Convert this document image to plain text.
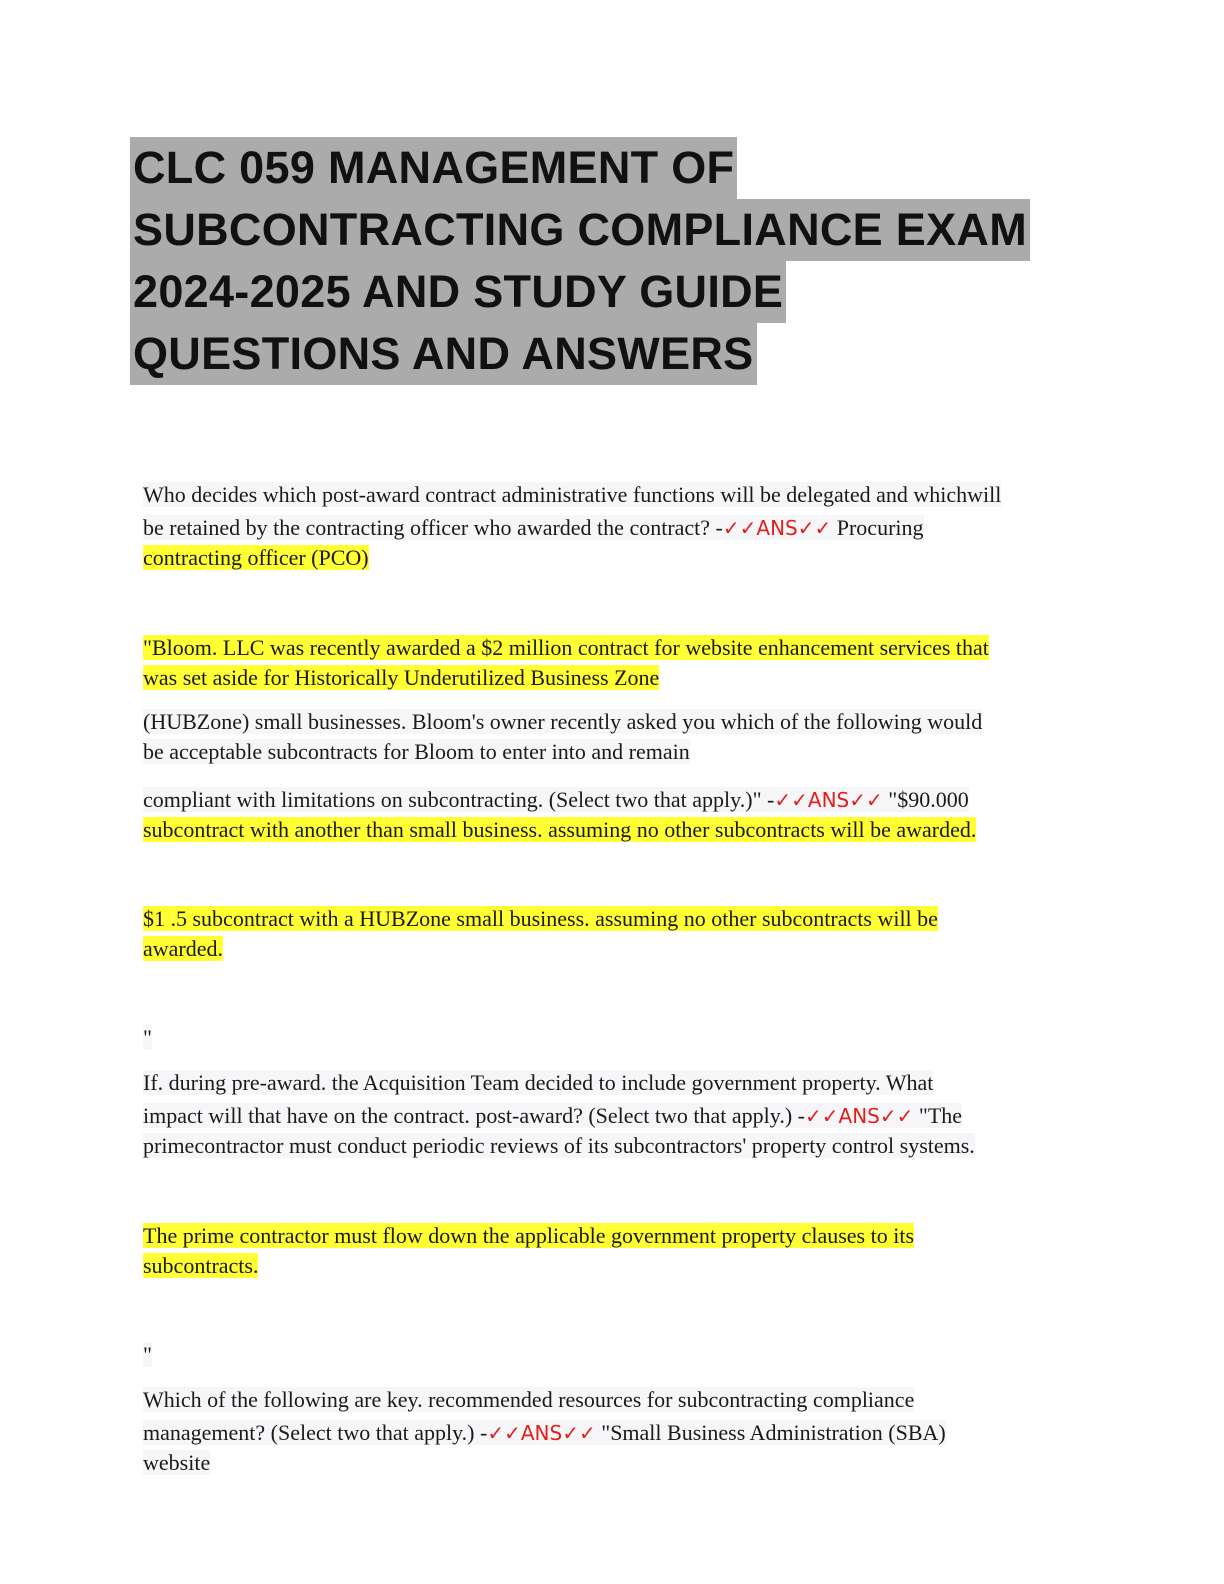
CLC 059 MANAGEMENT OF
SUBCONTRACTING COMPLIANCE EXAM
2024-2025 AND STUDY GUIDE
QUESTIONS AND ANSWERS
Who decides which post-award contract administrative functions will be delegated and whichwill
be retained by the contracting officer who awarded the contract? -✓✓ANS✓✓ Procuring
contracting officer (PCO)
"Bloom. LLC was recently awarded a $2 million contract for website enhancement services that
was set aside for Historically Underutilized Business Zone
(HUBZone) small businesses. Bloom's owner recently asked you which of the following would
be acceptable subcontracts for Bloom to enter into and remain
compliant with limitations on subcontracting. (Select two that apply.)" -✓✓ANS✓✓ "$90.000
subcontract with another than small business. assuming no other subcontracts will be awarded.
$1 .5 subcontract with a HUBZone small business. assuming no other subcontracts will be
awarded.
"
If. during pre-award. the Acquisition Team decided to include government property. What
impact will that have on the contract. post-award? (Select two that apply.) -✓✓ANS✓✓ "The
primecontractor must conduct periodic reviews of its subcontractors' property control systems.
The prime contractor must flow down the applicable government property clauses to its
subcontracts.
"
Which of the following are key. recommended resources for subcontracting compliance
management? (Select two that apply.) -✓✓ANS✓✓ "Small Business Administration (SBA)
website
